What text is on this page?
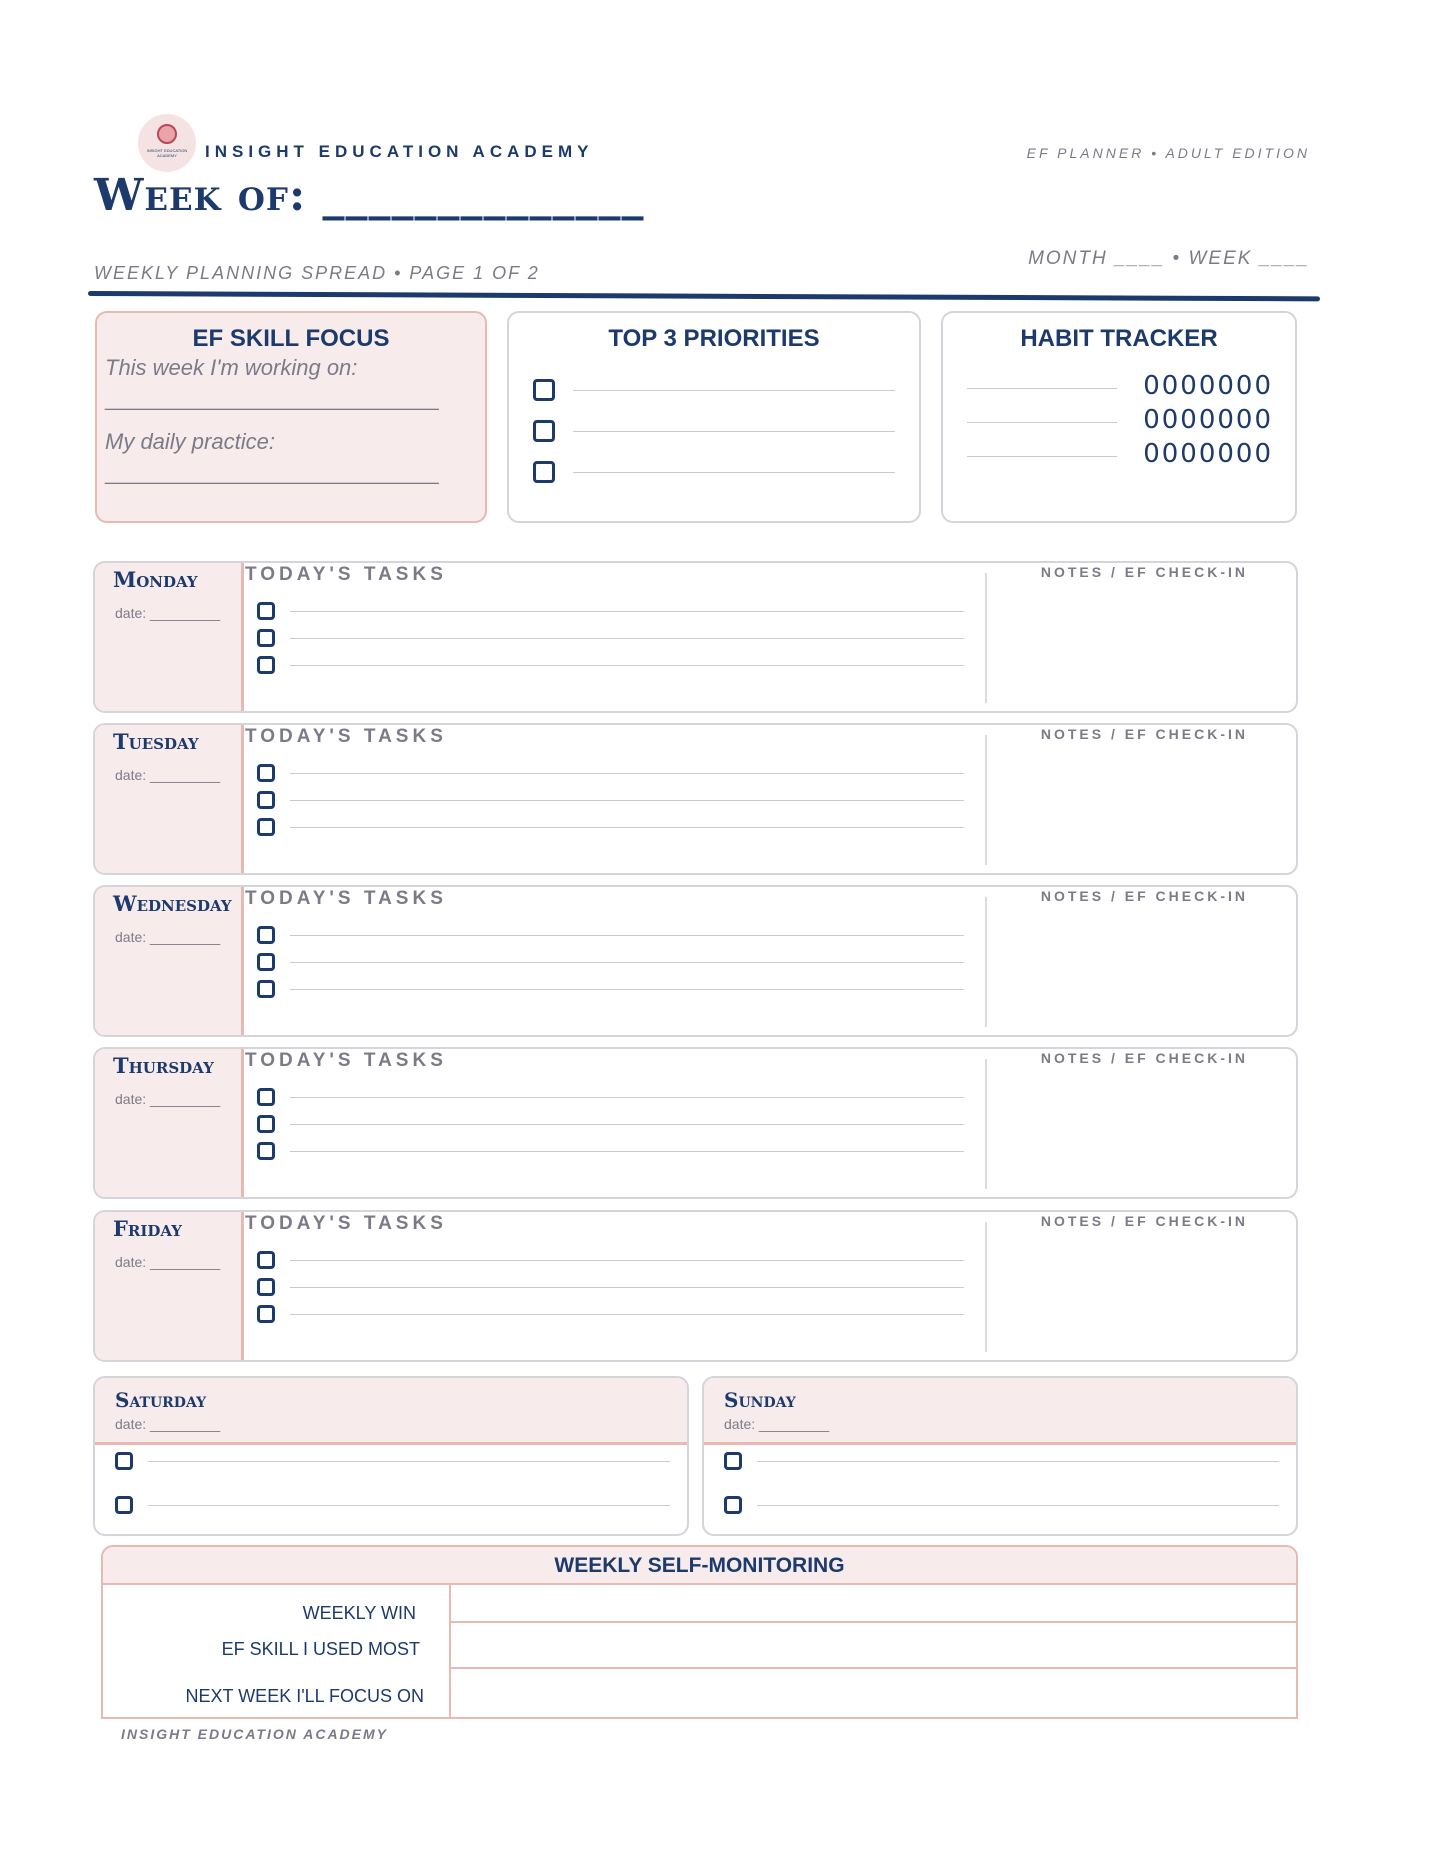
INSIGHT EDUCATION ACADEMY	INSIGHT EDUCATION ACADEMY	EF PLANNER • ADULT EDITION
Week of: ______________
MONTH ____ • WEEK ____
WEEKLY PLANNING SPREAD • PAGE 1 OF 2
EF SKILL FOCUS
This week I'm working on:
______________________________
My daily practice:
______________________________
TOP 3 PRIORITIES	HABIT TRACKER
0000000
0000000
0000000
Monday
date: _________
TODAY'S TASKS	NOTES / EF CHECK-IN
Tuesday
date: _________
TODAY'S TASKS	NOTES / EF CHECK-IN
Wednesday
date: _________
TODAY'S TASKS	NOTES / EF CHECK-IN
Thursday
date: _________
TODAY'S TASKS	NOTES / EF CHECK-IN
Friday
date: _________
TODAY'S TASKS	NOTES / EF CHECK-IN
Saturday
date: _________
Sunday
date: _________
WEEKLY SELF-MONITORING
WEEKLY WIN
EF SKILL I USED MOST
NEXT WEEK I'LL FOCUS ON
INSIGHT EDUCATION ACADEMY
